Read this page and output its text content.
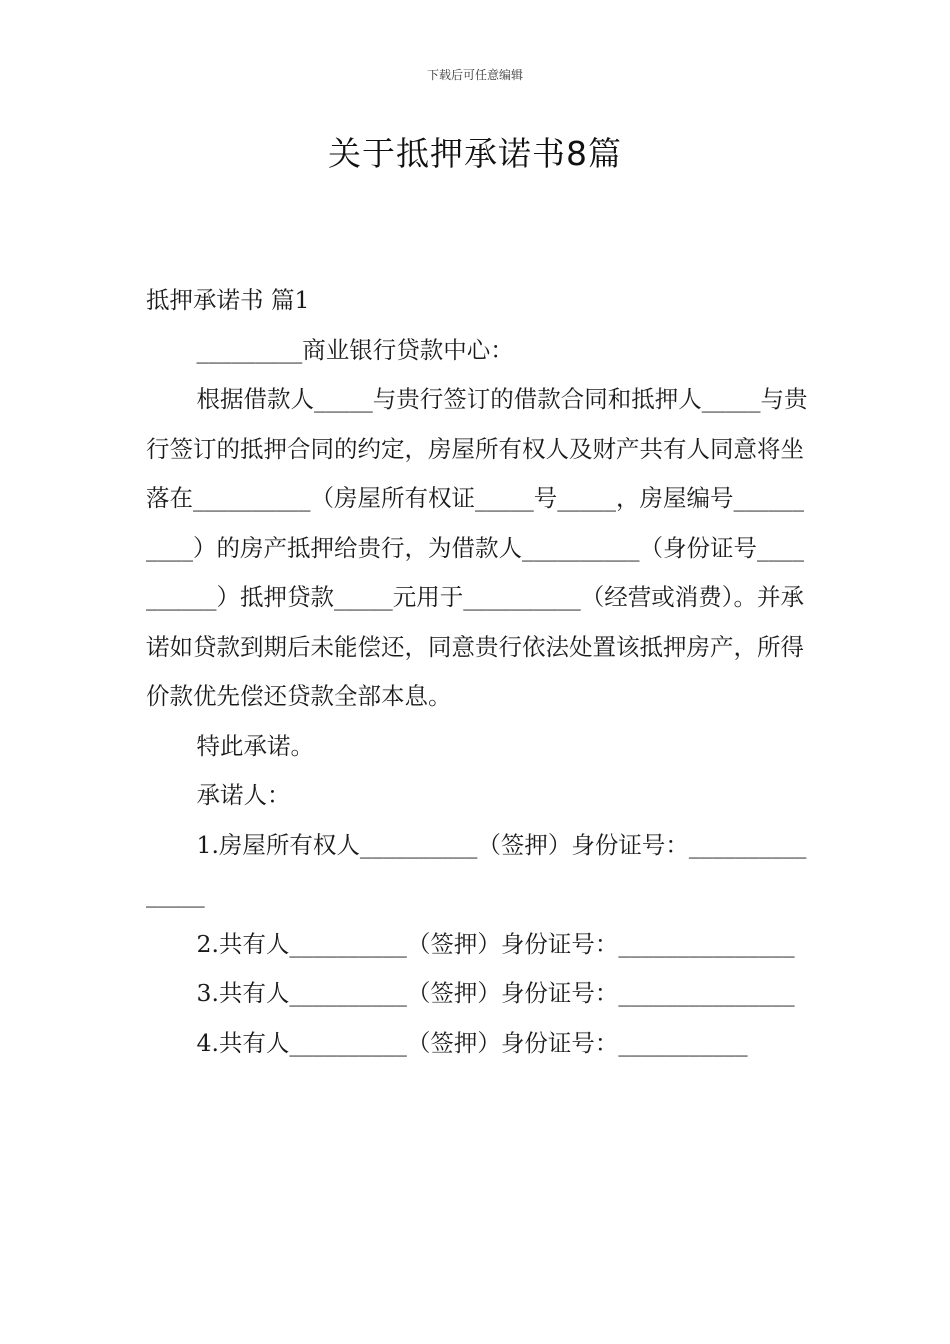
下载后可任意编辑
关于抵押承诺书8篇

抵押承诺书 篇1

_________商业银行贷款中心：

根据借款人_____与贵行签订的借款合同和抵押人_____与贵行签订的抵押合同的约定，房屋所有权人及财产共有人同意将坐落在__________（房屋所有权证_____号_____，房屋编号__________）的房产抵押给贵行，为借款人__________（身份证号__________）抵押贷款_____元用于__________（经营或消费）。并承诺如贷款到期后未能偿还，同意贵行依法处置该抵押房产，所得价款优先偿还贷款全部本息。

特此承诺。

承诺人：

1.房屋所有权人__________（签押）身份证号：_______________

2.共有人__________（签押）身份证号：_______________

3.共有人__________（签押）身份证号：_______________

4.共有人__________（签押）身份证号：___________
